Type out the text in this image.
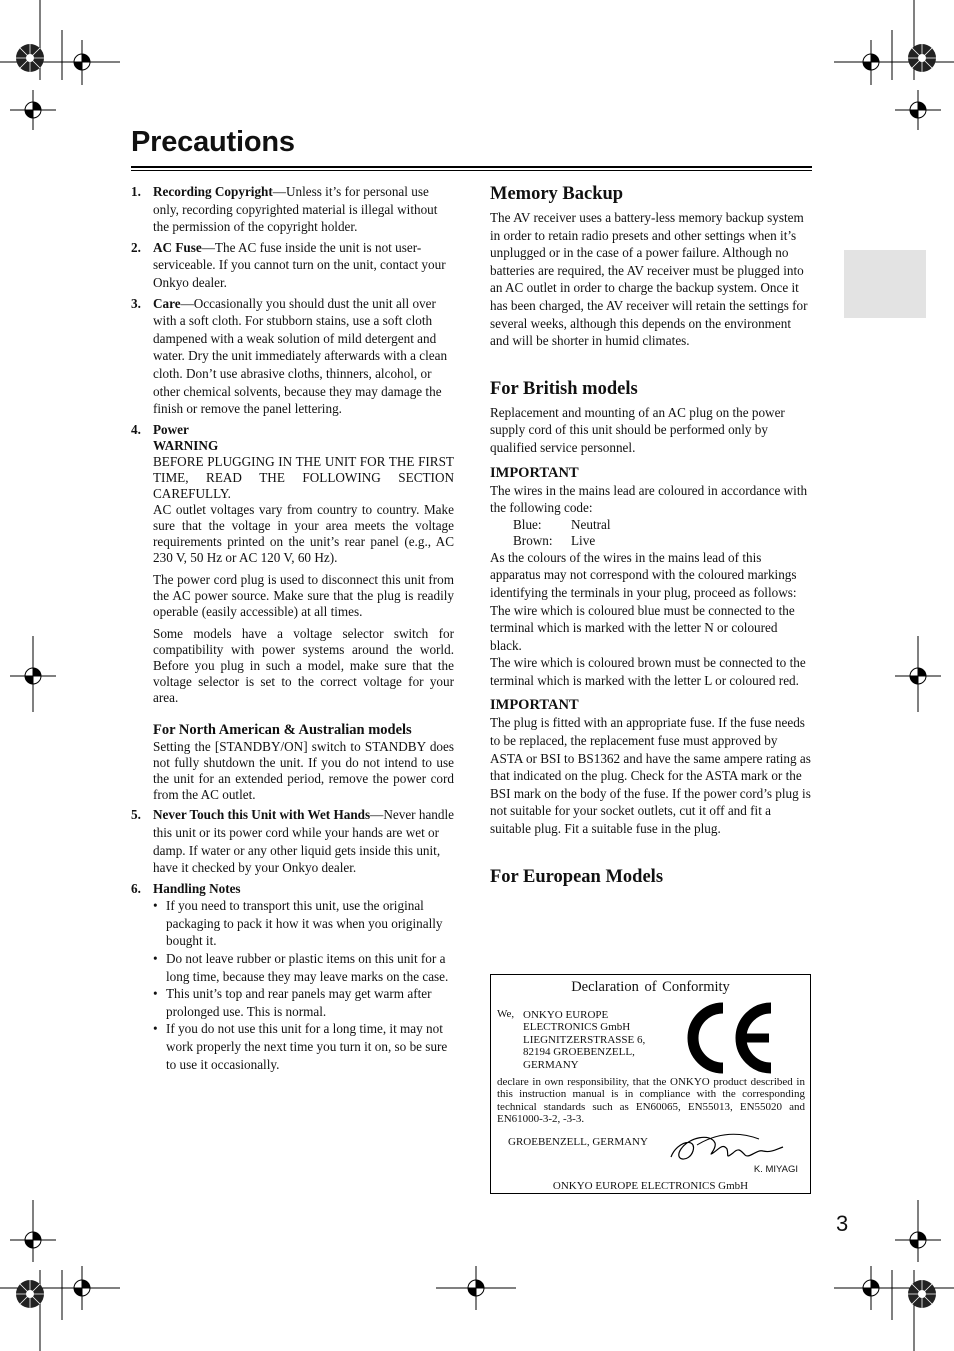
Precautions
3
1. Recording Copyright—Unless it’s for personal use only, recording copyrighted material is illegal without the permission of the copyright holder.
2. AC Fuse—The AC fuse inside the unit is not user-serviceable. If you cannot turn on the unit, contact your Onkyo dealer.
3. Care—Occasionally you should dust the unit all over with a soft cloth. For stubborn stains, use a soft cloth dampened with a weak solution of mild detergent and water. Dry the unit immediately afterwards with a clean cloth. Don’t use abrasive cloths, thinners, alcohol, or other chemical solvents, because they may damage the finish or remove the panel lettering.
4. Power
WARNING
BEFORE PLUGGING IN THE UNIT FOR THE FIRST TIME, READ THE FOLLOWING SECTION CAREFULLY.
AC outlet voltages vary from country to country. Make sure that the voltage in your area meets the voltage requirements printed on the unit’s rear panel (e.g., AC 230 V, 50 Hz or AC 120 V, 60 Hz).
The power cord plug is used to disconnect this unit from the AC power source. Make sure that the plug is readily operable (easily accessible) at all times.
Some models have a voltage selector switch for compatibility with power systems around the world. Before you plug in such a model, make sure that the voltage selector is set to the correct voltage for your area.
For North American & Australian models
Setting the [STANDBY/ON] switch to STANDBY does not fully shutdown the unit. If you do not intend to use the unit for an extended period, remove the power cord from the AC outlet.
5. Never Touch this Unit with Wet Hands—Never handle this unit or its power cord while your hands are wet or damp. If water or any other liquid gets inside this unit, have it checked by your Onkyo dealer.
6. Handling Notes
• If you need to transport this unit, use the original packaging to pack it how it was when you originally bought it.
• Do not leave rubber or plastic items on this unit for a long time, because they may leave marks on the case.
• This unit’s top and rear panels may get warm after prolonged use. This is normal.
• If you do not use this unit for a long time, it may not work properly the next time you turn it on, so be sure to use it occasionally.
Memory Backup
The AV receiver uses a battery-less memory backup system in order to retain radio presets and other settings when it’s unplugged or in the case of a power failure. Although no batteries are required, the AV receiver must be plugged into an AC outlet in order to charge the backup system. Once it has been charged, the AV receiver will retain the settings for several weeks, although this depends on the environment and will be shorter in humid climates.
For British models
Replacement and mounting of an AC plug on the power supply cord of this unit should be performed only by qualified service personnel.
IMPORTANT
The wires in the mains lead are coloured in accordance with the following code:
Blue:	Neutral
Brown:	Live
As the colours of the wires in the mains lead of this apparatus may not correspond with the coloured markings identifying the terminals in your plug, proceed as follows:
The wire which is coloured blue must be connected to the terminal which is marked with the letter N or coloured black.
The wire which is coloured brown must be connected to the terminal which is marked with the letter L or coloured red.
IMPORTANT
The plug is fitted with an appropriate fuse. If the fuse needs to be replaced, the replacement fuse must approved by ASTA or BSI to BS1362 and have the same ampere rating as that indicated on the plug. Check for the ASTA mark or the BSI mark on the body of the fuse. If the power cord’s plug is not suitable for your socket outlets, cut it off and fit a suitable plug. Fit a suitable fuse in the plug.
For European Models
Declaration of Conformity
We, ONKYO EUROPE
ELECTRONICS GmbH
LIEGNITZERSTRASSE 6,
82194 GROEBENZELL,
GERMANY
declare in own responsibility, that the ONKYO product described in this instruction manual is in compliance with the corresponding technical standards such as EN60065, EN55013, EN55020 and EN61000-3-2, -3-3.
GROEBENZELL, GERMANY
K. MIYAGI
ONKYO EUROPE ELECTRONICS GmbH
